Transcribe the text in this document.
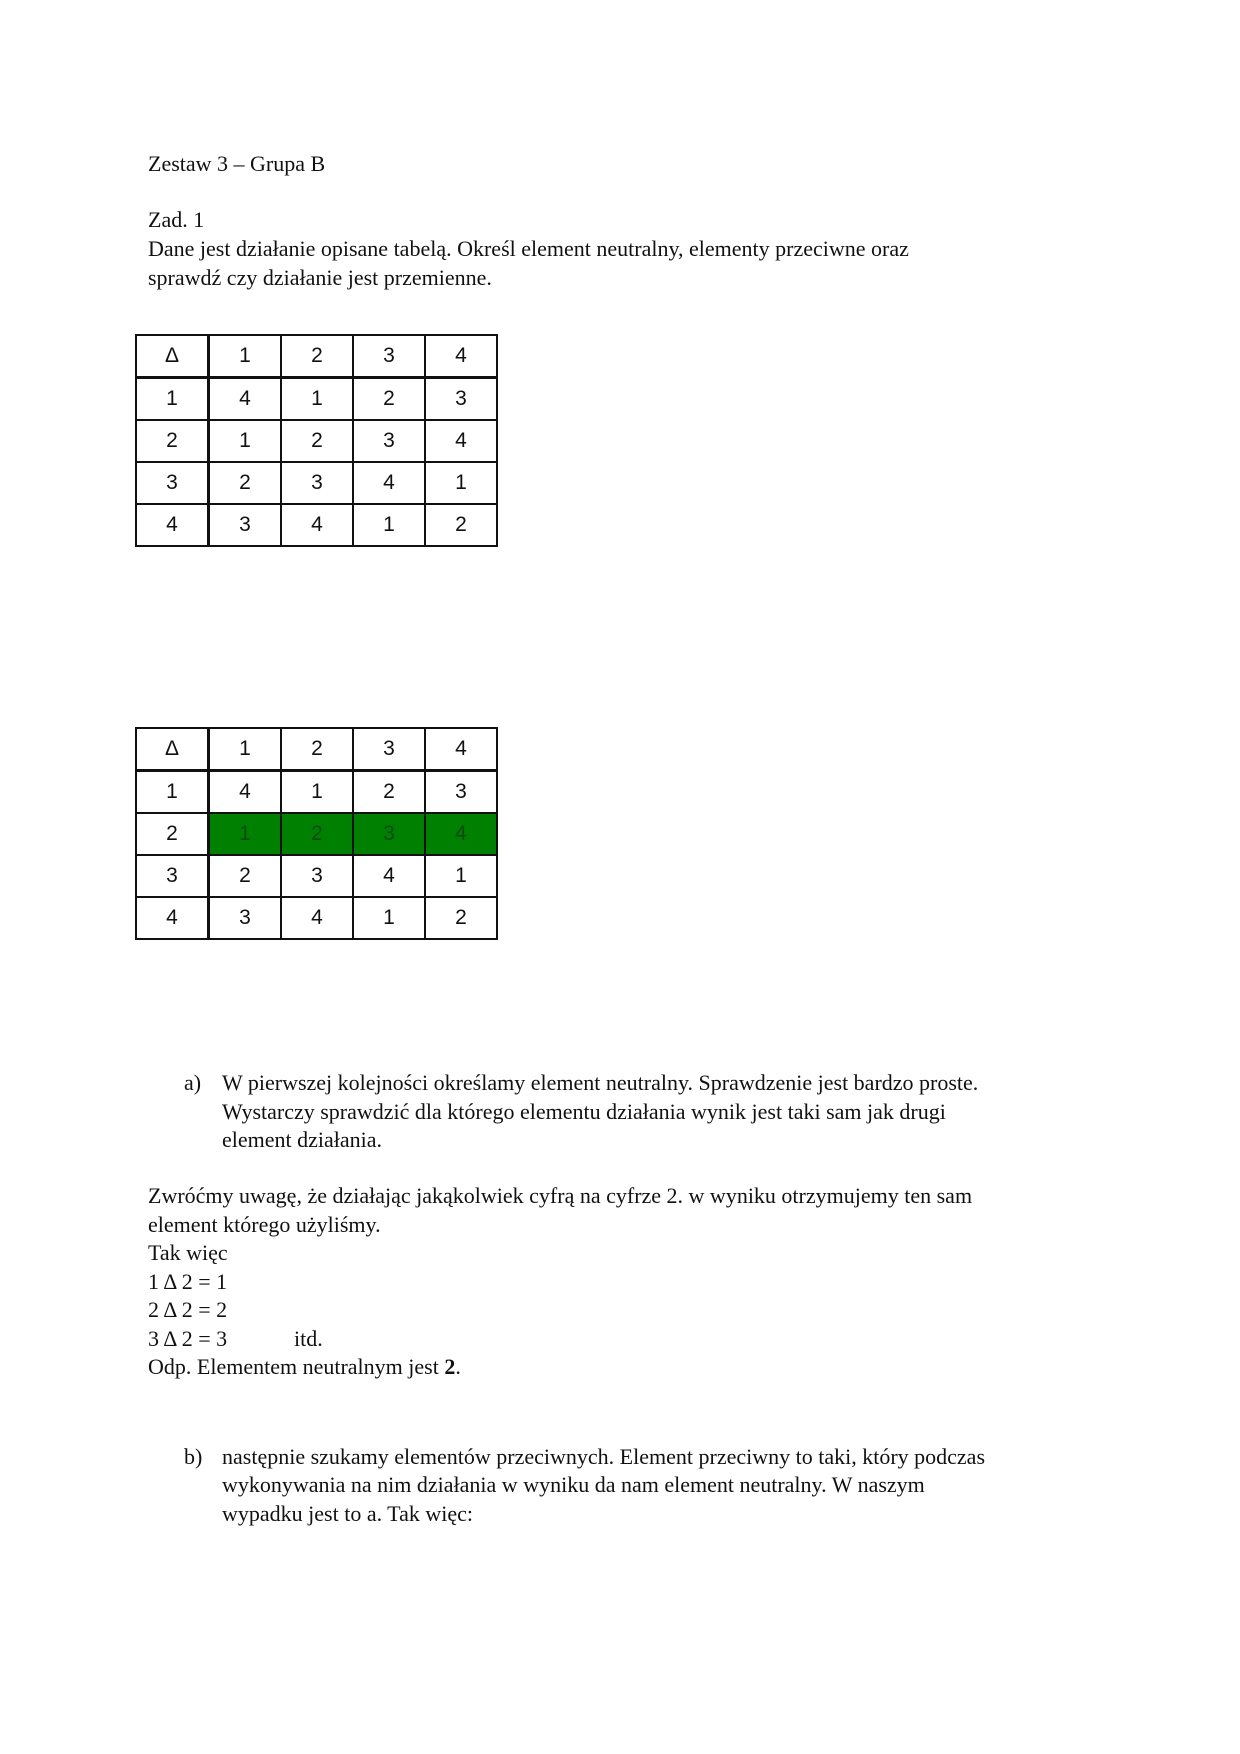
Zestaw 3 – Grupa B
Zad. 1
Dane jest działanie opisane tabelą. Określ element neutralny, elementy przeciwne oraz
sprawdź czy działanie jest przemienne.
Δ	1	2	3	4
1	4	1	2	3
2	1	2	3	4
3	2	3	4	1
4	3	4	1	2
Δ	1	2	3	4
1	4	1	2	3
2	1	2	3	4
3	2	3	4	1
4	3	4	1	2
a) W pierwszej kolejności określamy element neutralny. Sprawdzenie jest bardzo proste.
Wystarczy sprawdzić dla którego elementu działania wynik jest taki sam jak drugi
element działania.
Zwróćmy uwagę, że działając jakąkolwiek cyfrą na cyfrze 2. w wyniku otrzymujemy ten sam
element którego użyliśmy.
Tak więc
1 Δ 2 = 1
2 Δ 2 = 2
3 Δ 2 = 3	itd.
Odp. Elementem neutralnym jest 2.
b) następnie szukamy elementów przeciwnych. Element przeciwny to taki, który podczas
wykonywania na nim działania w wyniku da nam element neutralny. W naszym
wypadku jest to a. Tak więc:
